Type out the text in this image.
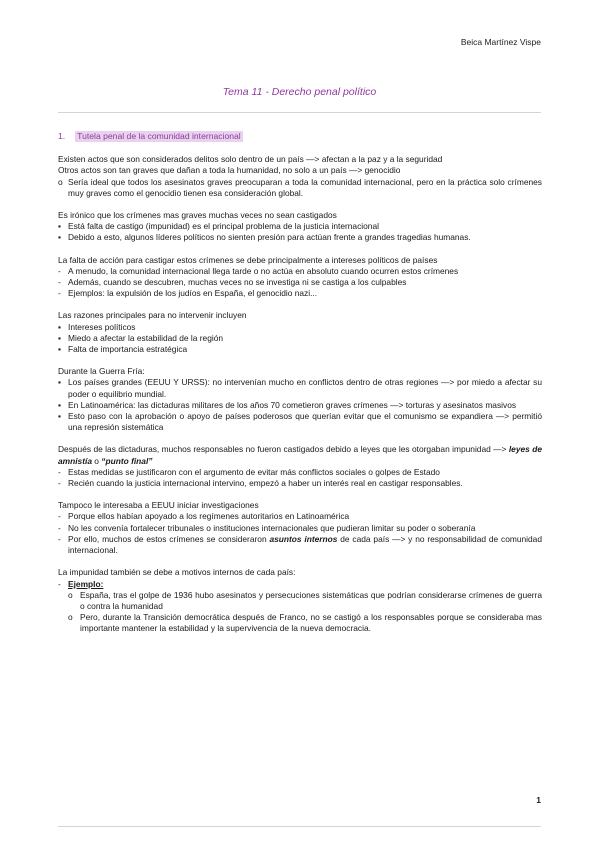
Beica Martínez Vispe
Tema 11 - Derecho penal político
1. Tutela penal de la comunidad internacional

Existen actos que son considerados delitos solo dentro de un país —> afectan a la paz y a la seguridad

Otros actos son tan graves que dañan a toda la humanidad, no solo a un país —> genocidio

o Sería ideal que todos los asesinatos graves preocuparan a toda la comunidad internacional, pero en la práctica solo crímenes muy graves como el genocidio tienen esa consideración global.

Es irónico que los crímenes mas graves muchas veces no sean castigados

▪ Está falta de castigo (impunidad) es el principal problema de la justicia internacional
▪ Debido a esto, algunos líderes políticos no sienten presión para actúan frente a grandes tragedias humanas.

La falta de acción para castigar estos crímenes se debe principalmente a intereses políticos de países

- A menudo, la comunidad internacional llega tarde o no actúa en absoluto cuando ocurren estos crímenes
- Además, cuando se descubren, muchas veces no se investiga ni se castiga a los culpables
- Ejemplos: la expulsión de los judíos en España, el genocidio nazi...

Las razones principales para no intervenir incluyen

▪ Intereses políticos
▪ Miedo a afectar la estabilidad de la región
▪ Falta de importancia estratégica

Durante la Guerra Fría:

▪ Los países grandes (EEUU Y URSS): no intervenían mucho en conflictos dentro de otras regiones —> por miedo a afectar su poder o equilibrio mundial.
▪ En Latinoamérica: las dictaduras militares de los años 70 cometieron graves crímenes —> torturas y asesinatos masivos
▪ Esto paso con la aprobación o apoyo de países poderosos que querían evitar que el comunismo se expandiera —> permitió una represión sistemática

Después de las dictaduras, muchos responsables no fueron castigados debido a leyes que les otorgaban impunidad —> leyes de amnistía o “punto final”

- Estas medidas se justificaron con el argumento de evitar más conflictos sociales o golpes de Estado
- Recién cuando la justicia internacional intervino, empezó a haber un interés real en castigar responsables.

Tampoco le interesaba a EEUU iniciar investigaciones

- Porque ellos habían apoyado a los regímenes autoritarios en Latinoamérica
- No les convenía fortalecer tribunales o instituciones internacionales que pudieran limitar su poder o soberanía
- Por ello, muchos de estos crímenes se consideraron asuntos internos de cada país —> y no responsabilidad de comunidad internacional.

La impunidad también se debe a motivos internos de cada país:

- Ejemplo:
o España, tras el golpe de 1936 hubo asesinatos y persecuciones sistemáticas que podrían considerarse crímenes de guerra o contra la humanidad
o Pero, durante la Transición democrática después de Franco, no se castigó a los responsables porque se consideraba mas importante mantener la estabilidad y la supervivencia de la nueva democracia.
1
